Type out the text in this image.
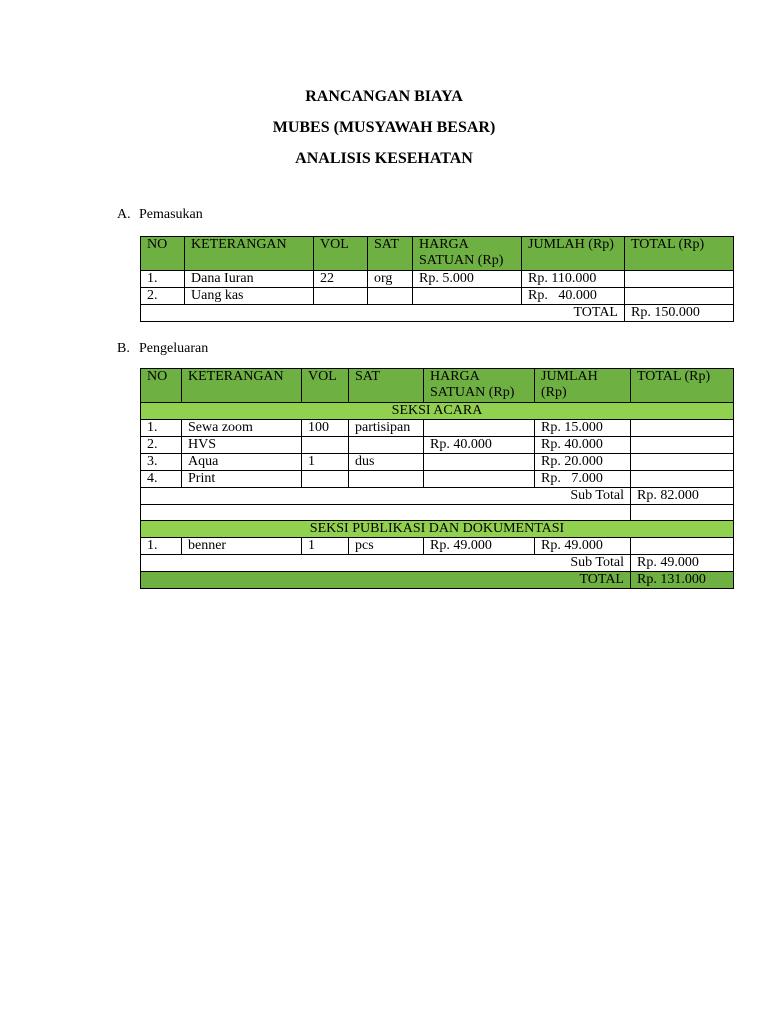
RANCANGAN BIAYA
MUBES (MUSYAWAH BESAR)
ANALISIS KESEHATAN
A. Pemasukan
NO	KETERANGAN	VOL	SAT	HARGA SATUAN (Rp)	JUMLAH (Rp)	TOTAL (Rp)
1.	Dana Iuran	22	org	Rp. 5.000	Rp. 110.000	
2.	Uang kas				Rp.   40.000	
TOTAL						Rp. 150.000
B. Pengeluaran
NO	KETERANGAN	VOL	SAT	HARGA SATUAN (Rp)	JUMLAH (Rp)	TOTAL (Rp)
SEKSI ACARA						
1.	Sewa zoom	100	partisipan		Rp. 15.000	
2.	HVS			Rp. 40.000	Rp. 40.000	
3.	Aqua	1	dus		Rp. 20.000	
4.	Print				Rp.   7.000	
Sub Total						Rp. 82.000

SEKSI PUBLIKASI DAN DOKUMENTASI						
1.	benner	1	pcs	Rp. 49.000	Rp. 49.000	
Sub Total						Rp. 49.000
TOTAL						Rp. 131.000
